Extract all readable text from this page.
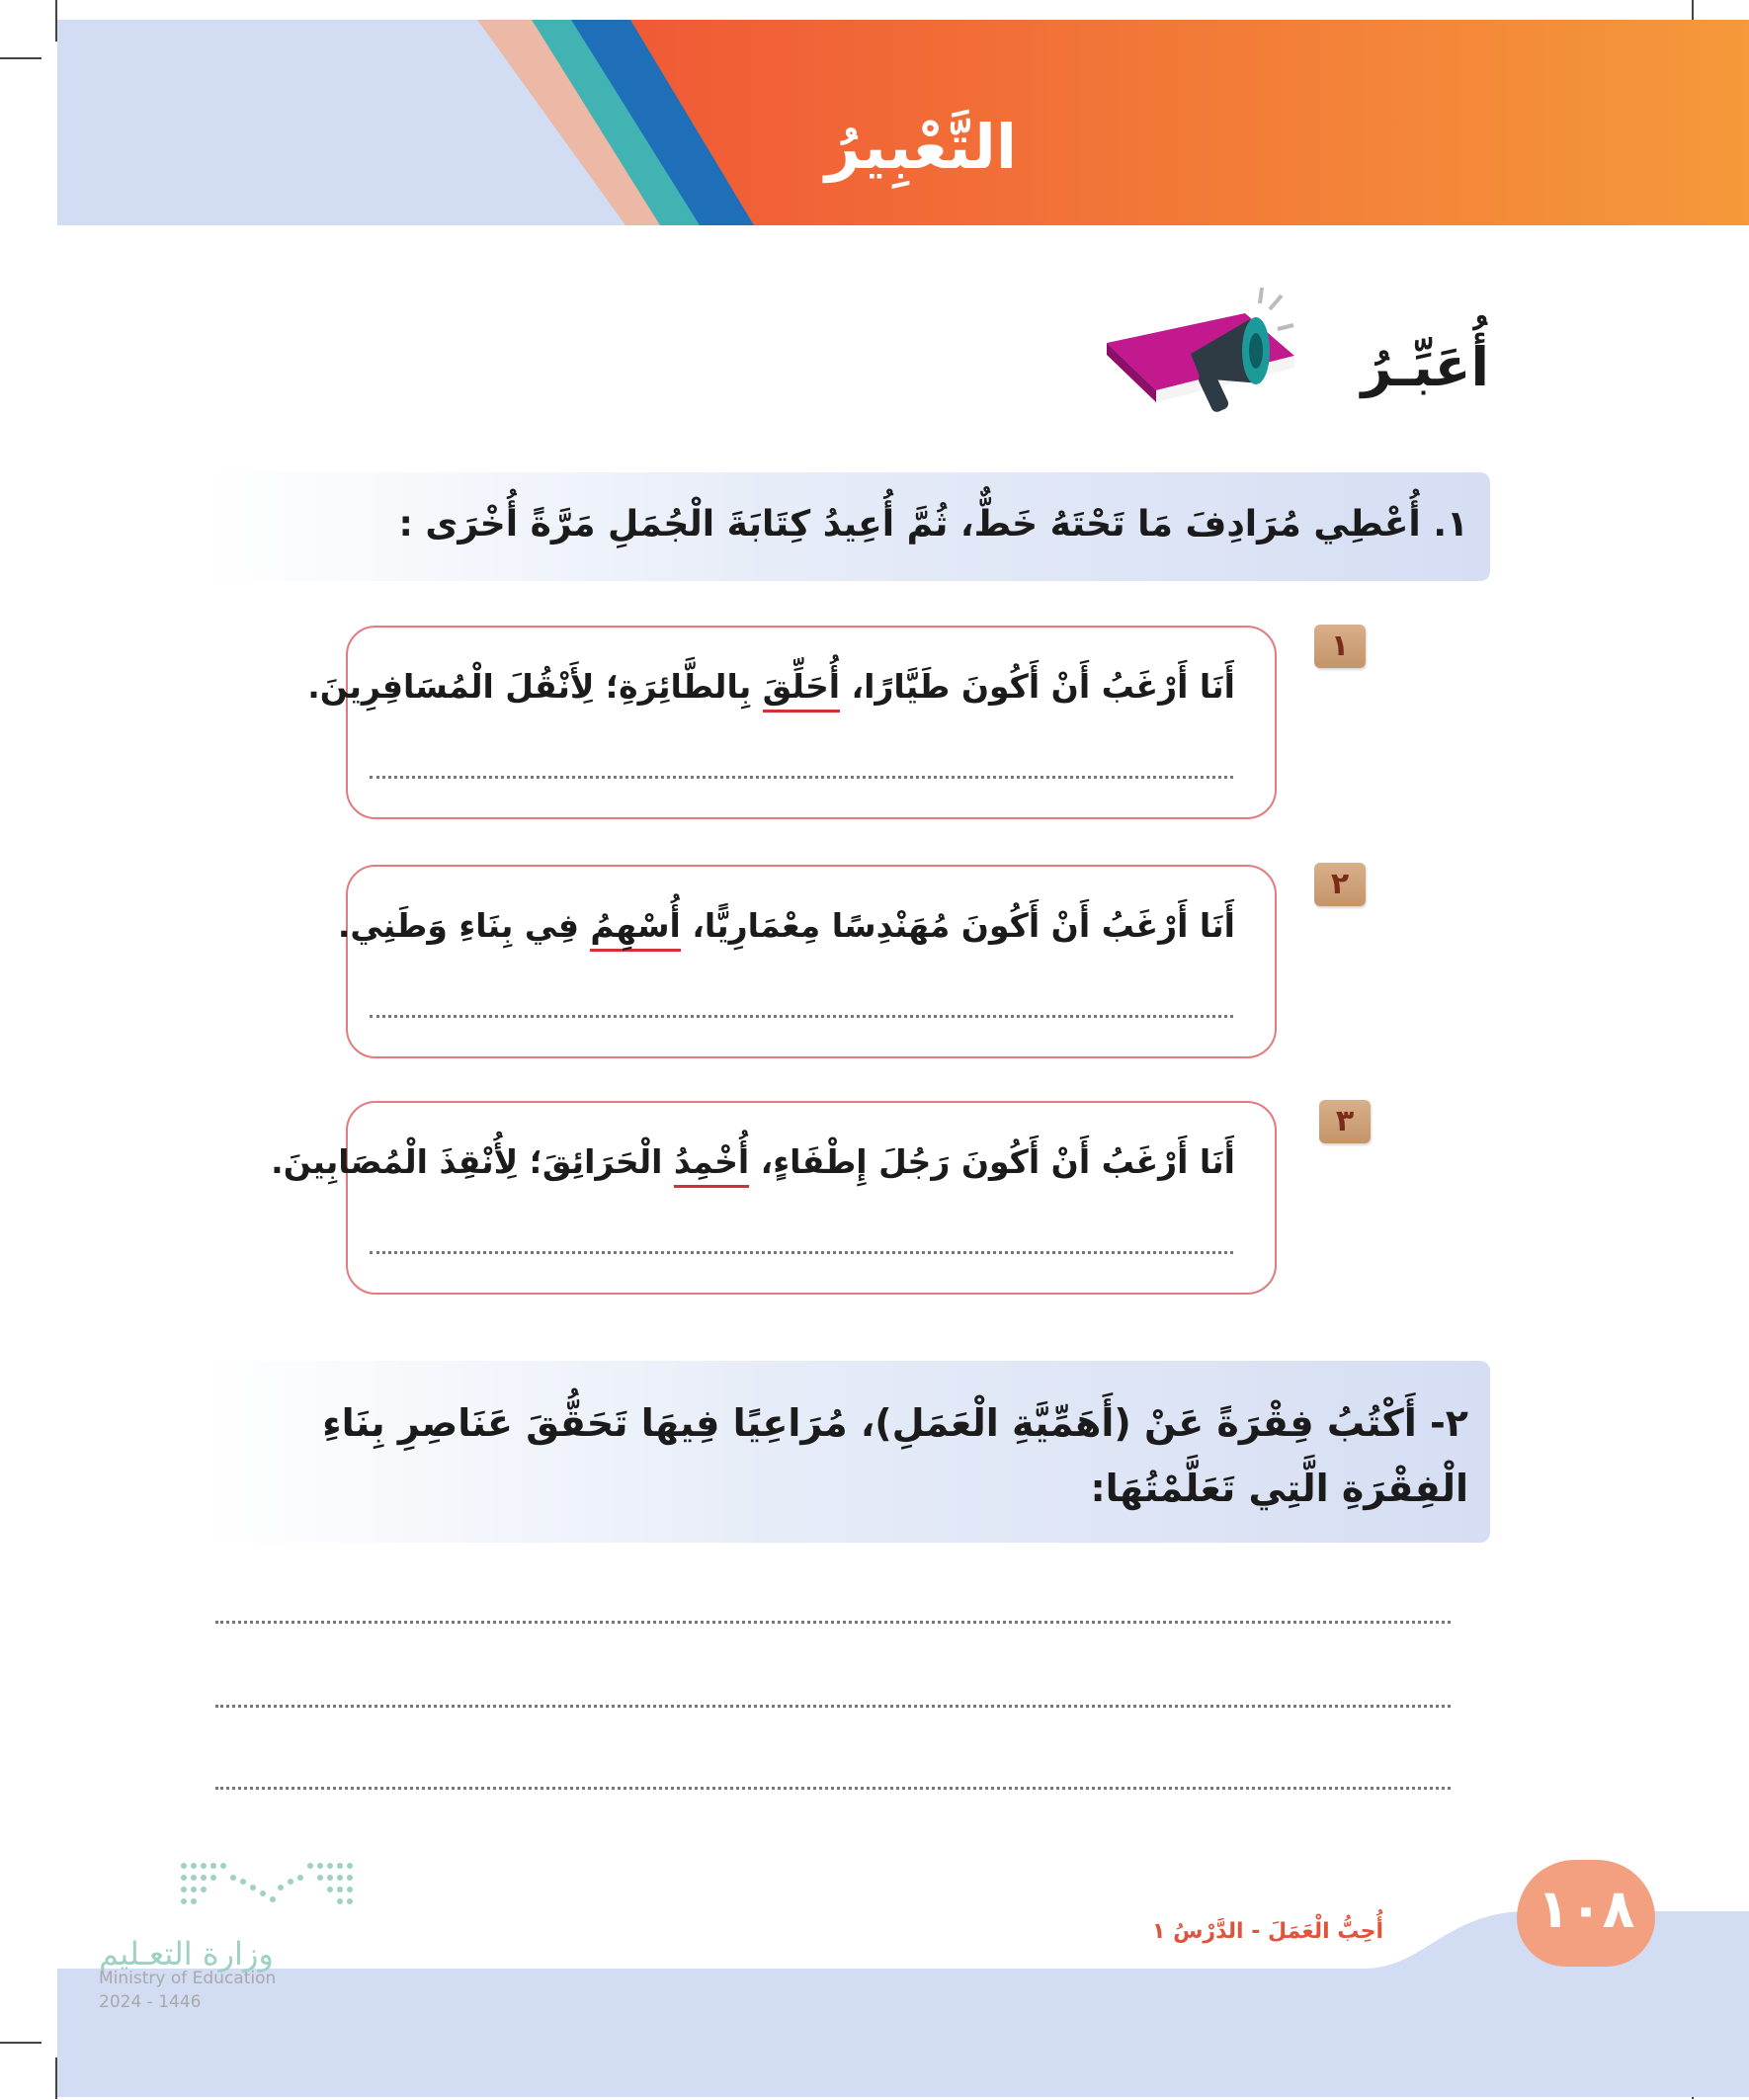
التَّعْبِيرُ
أُعَبِّـرُ
١. أُعْطِي مُرَادِفَ مَا تَحْتَهُ خَطٌّ، ثُمَّ أُعِيدُ كِتَابَةَ الْجُمَلِ مَرَّةً أُخْرَى :
١
أَنَا أَرْغَبُ أَنْ أَكُونَ طَيَّارًا، أُحَلِّقَ بِالطَّائِرَةِ؛ لِأَنْقُلَ الْمُسَافِرِينَ.
٢
أَنَا أَرْغَبُ أَنْ أَكُونَ مُهَنْدِسًا مِعْمَارِيًّا، أُسْهِمُ فِي بِنَاءِ وَطَنِي.
٣
أَنَا أَرْغَبُ أَنْ أَكُونَ رَجُلَ إِطْفَاءٍ، أُخْمِدُ الْحَرَائِقَ؛ لِأُنْقِذَ الْمُصَابِينَ.
٢- أَكْتُبُ فِقْرَةً عَنْ (أَهَمِّيَّةِ الْعَمَلِ)، مُرَاعِيًا فِيهَا تَحَقُّقَ عَنَاصِرِ بِنَاءِ الْفِقْرَةِ الَّتِي تَعَلَّمْتُهَا:
١٠٨
أُحِبُّ الْعَمَلَ - الدَّرْسُ ١
وزارة التعـليم
Ministry of Education
2024 - 1446
